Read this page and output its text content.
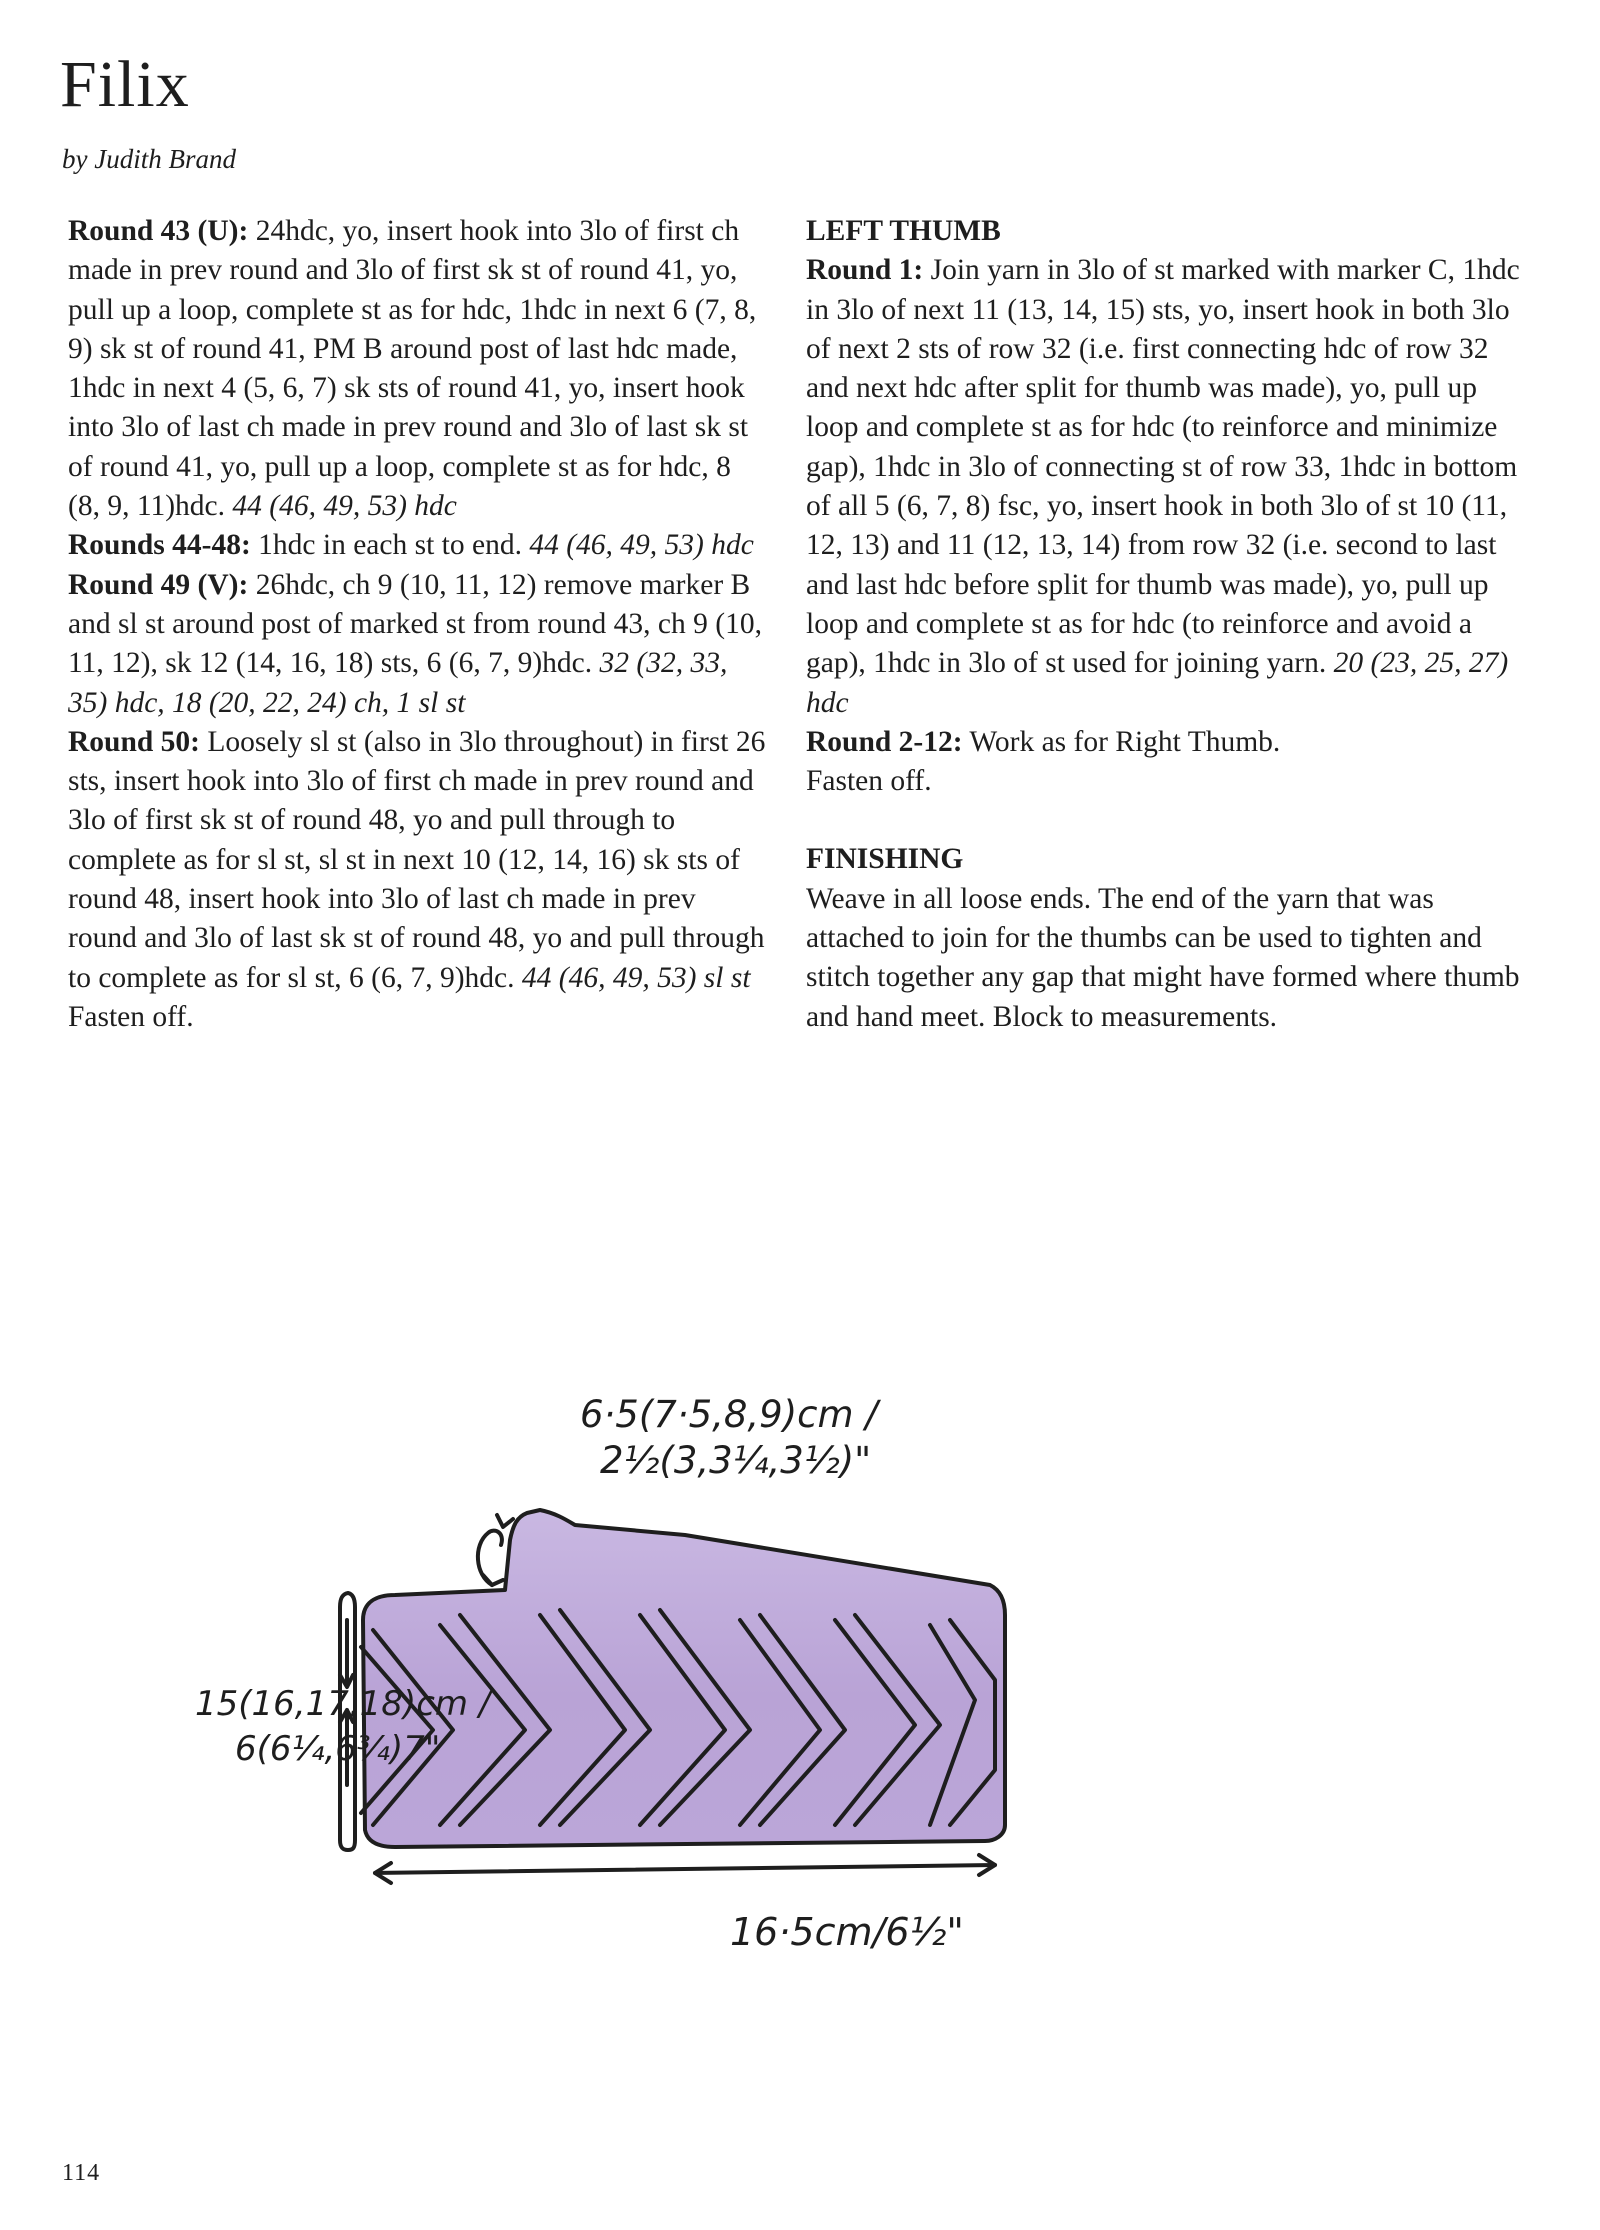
Filix

by Judith Brand

Round 43 (U): 24hdc, yo, insert hook into 3lo of first ch made in prev round and 3lo of first sk st of round 41, yo, pull up a loop, complete st as for hdc, 1hdc in next 6 (7, 8, 9) sk st of round 41, PM B around post of last hdc made, 1hdc in next 4 (5, 6, 7) sk sts of round 41, yo, insert hook into 3lo of last ch made in prev round and 3lo of last sk st of round 41, yo, pull up a loop, complete st as for hdc, 8 (8, 9, 11)hdc. 44 (46, 49, 53) hdc
Rounds 44-48: 1hdc in each st to end. 44 (46, 49, 53) hdc
Round 49 (V): 26hdc, ch 9 (10, 11, 12) remove marker B and sl st around post of marked st from round 43, ch 9 (10, 11, 12), sk 12 (14, 16, 18) sts, 6 (6, 7, 9)hdc. 32 (32, 33, 35) hdc, 18 (20, 22, 24) ch, 1 sl st
Round 50: Loosely sl st (also in 3lo throughout) in first 26 sts, insert hook into 3lo of first ch made in prev round and 3lo of first sk st of round 48, yo and pull through to complete as for sl st, sl st in next 10 (12, 14, 16) sk sts of round 48, insert hook into 3lo of last ch made in prev round and 3lo of last sk st of round 48, yo and pull through to complete as for sl st, 6 (6, 7, 9)hdc. 44 (46, 49, 53) sl st
Fasten off.
LEFT THUMB
Round 1: Join yarn in 3lo of st marked with marker C, 1hdc in 3lo of next 11 (13, 14, 15) sts, yo, insert hook in both 3lo of next 2 sts of row 32 (i.e. first connecting hdc of row 32 and next hdc after split for thumb was made), yo, pull up loop and complete st as for hdc (to reinforce and minimize gap), 1hdc in 3lo of connecting st of row 33, 1hdc in bottom of all 5 (6, 7, 8) fsc, yo, insert hook in both 3lo of st 10 (11, 12, 13) and 11 (12, 13, 14) from row 32 (i.e. second to last and last hdc before split for thumb was made), yo, pull up loop and complete st as for hdc (to reinforce and avoid a gap), 1hdc in 3lo of st used for joining yarn. 20 (23, 25, 27) hdc
Round 2-12: Work as for Right Thumb.
Fasten off.
FINISHING
Weave in all loose ends. The end of the yarn that was attached to join for the thumbs can be used to tighten and stitch together any gap that might have formed where thumb and hand meet. Block to measurements.
6·5(7·5,8,9)cm /
2½(3,3¼,3½)"
15(16,17,18)cm /
6(6¼,6¾)7"
16·5cm/6½"
114
